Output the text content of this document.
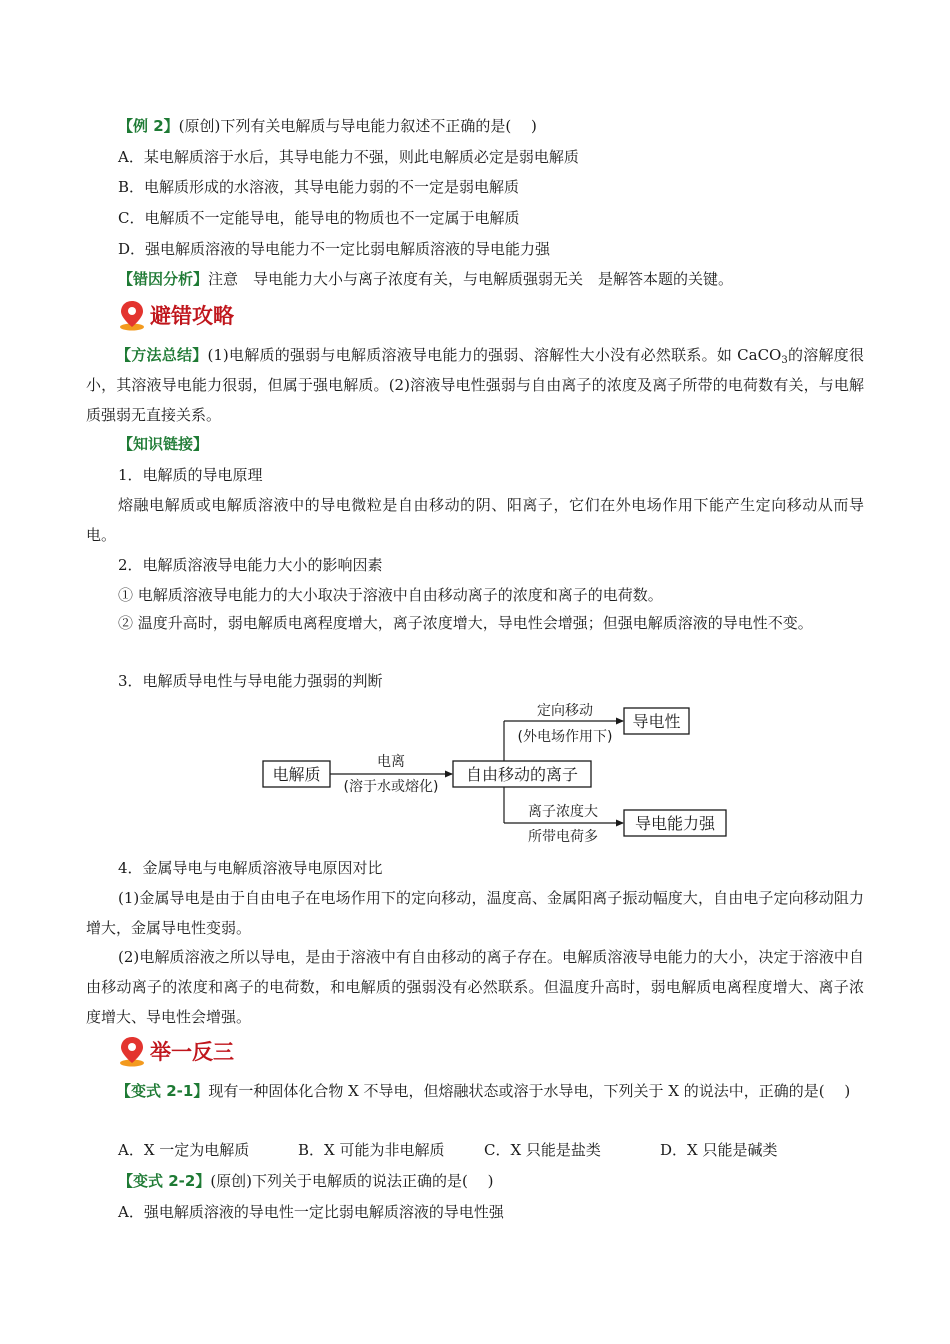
【例 2】(原创)下列有关电解质与导电能力叙述不正确的是(　 )
A．某电解质溶于水后，其导电能力不强，则此电解质必定是弱电解质
B．电解质形成的水溶液，其导电能力弱的不一定是弱电解质
C．电解质不一定能导电，能导电的物质也不一定属于电解质
D．强电解质溶液的导电能力不一定比弱电解质溶液的导电能力强
【错因分析】注意　导电能力大小与离子浓度有关，与电解质强弱无关　是解答本题的关键。
避错攻略
【方法总结】(1)电解质的强弱与电解质溶液导电能力的强弱、溶解性大小没有必然联系。如 CaCO$_3$的溶解度很小，其溶液导电能力很弱，但属于强电解质。(2)溶液导电性强弱与自由离子的浓度及离子所带的电荷数有关，与电解质强弱无直接关系。
【知识链接】
1．电解质的导电原理
熔融电解质或电解质溶液中的导电微粒是自由移动的阴、阳离子，它们在外电场作用下能产生定向移动从而导电。
2．电解质溶液导电能力大小的影响因素
① 电解质溶液导电能力的大小取决于溶液中自由移动离子的浓度和离子的电荷数。
② 温度升高时，弱电解质电离程度增大，离子浓度增大，导电性会增强；但强电解质溶液的导电性不变。
3．电解质导电性与导电能力强弱的判断
电解质
电离
(溶于水或熔化)
自由移动的离子
定向移动
(外电场作用下)
导电性
离子浓度大
所带电荷多
导电能力强
4．金属导电与电解质溶液导电原因对比
(1)金属导电是由于自由电子在电场作用下的定向移动，温度高、金属阳离子振动幅度大，自由电子定向移动阻力增大，金属导电性变弱。
(2)电解质溶液之所以导电，是由于溶液中有自由移动的离子存在。电解质溶液导电能力的大小，决定于溶液中自由移动离子的浓度和离子的电荷数，和电解质的强弱没有必然联系。但温度升高时，弱电解质电离程度增大、离子浓度增大、导电性会增强。
举一反三
【变式 2-1】现有一种固体化合物 X 不导电，但熔融状态或溶于水导电，下列关于 X 的说法中，正确的是(　 )
A．X 一定为电解质	B．X 可能为非电解质	C．X 只能是盐类	D．X 只能是碱类
【变式 2-2】(原创)下列关于电解质的说法正确的是(　 )
A．强电解质溶液的导电性一定比弱电解质溶液的导电性强
